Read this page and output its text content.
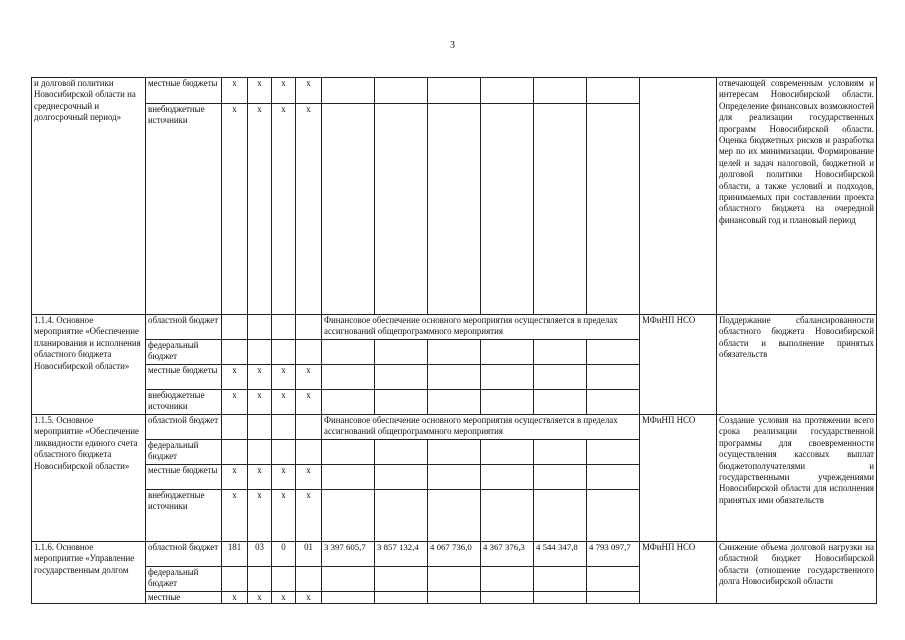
3
и долговой политики Новосибирской области на среднесрочный и долгосрочный период»	местные бюджеты	х	х	х	х								отвечающей современным условиям и интересам Новосибирской области. Определение финансовых возможностей для реализации государственных программ Новосибирской области. Оценка бюджетных рисков и разработка мер по их минимизации. Формирование целей и задач налоговой, бюджетной и долговой политики Новосибирской области, а также условий и подходов, принимаемых при составлении проекта областного бюджета на очередной финансовый год и плановый период
	внебюджетные источники	х	х	х	х								
1.1.4. Основное мероприятие «Обеспечение планирования и исполнения областного бюджета Новосибирской области»	областной бюджет					Финансовое обеспечение основного мероприятия осуществляется в пределах ассигнований общепрограммного мероприятия						МФиНП НСО	Поддержание сбалансированности областного бюджета Новосибирской области и выполнение принятых обязательств
	федеральный бюджет												
	местные бюджеты	х	х	х	х								
	внебюджетные источники	х	х	х	х								
1.1.5. Основное мероприятие «Обеспечение ликвидности единого счета областного бюджета Новосибирской области»	областной бюджет					Финансовое обеспечение основного мероприятия осуществляется в пределах ассигнований общепрограммного мероприятия						МФиНП НСО	Создание условия на протяжении всего срока реализации государственной программы для своевременности осуществления кассовых выплат бюджетополучателями и государственными учреждениями Новосибирской области для исполнения принятых ими обязательств
	федеральный бюджет												
	местные бюджеты	х	х	х	х								
	внебюджетные источники	х	х	х	х								
1.1.6. Основное мероприятие «Управление государственным долгом	областной бюджет	181	03	0	01	3 397 605,7	3 857 132,4	4 067 736,0	4 367 376,3	4 544 347,8	4 793 097,7	МФиНП НСО	Снижение объема долговой нагрузки на областной бюджет Новосибирской области (отношение государственного долга Новосибирской области
	федеральный бюджет												
	местные	х	х	х	х								
